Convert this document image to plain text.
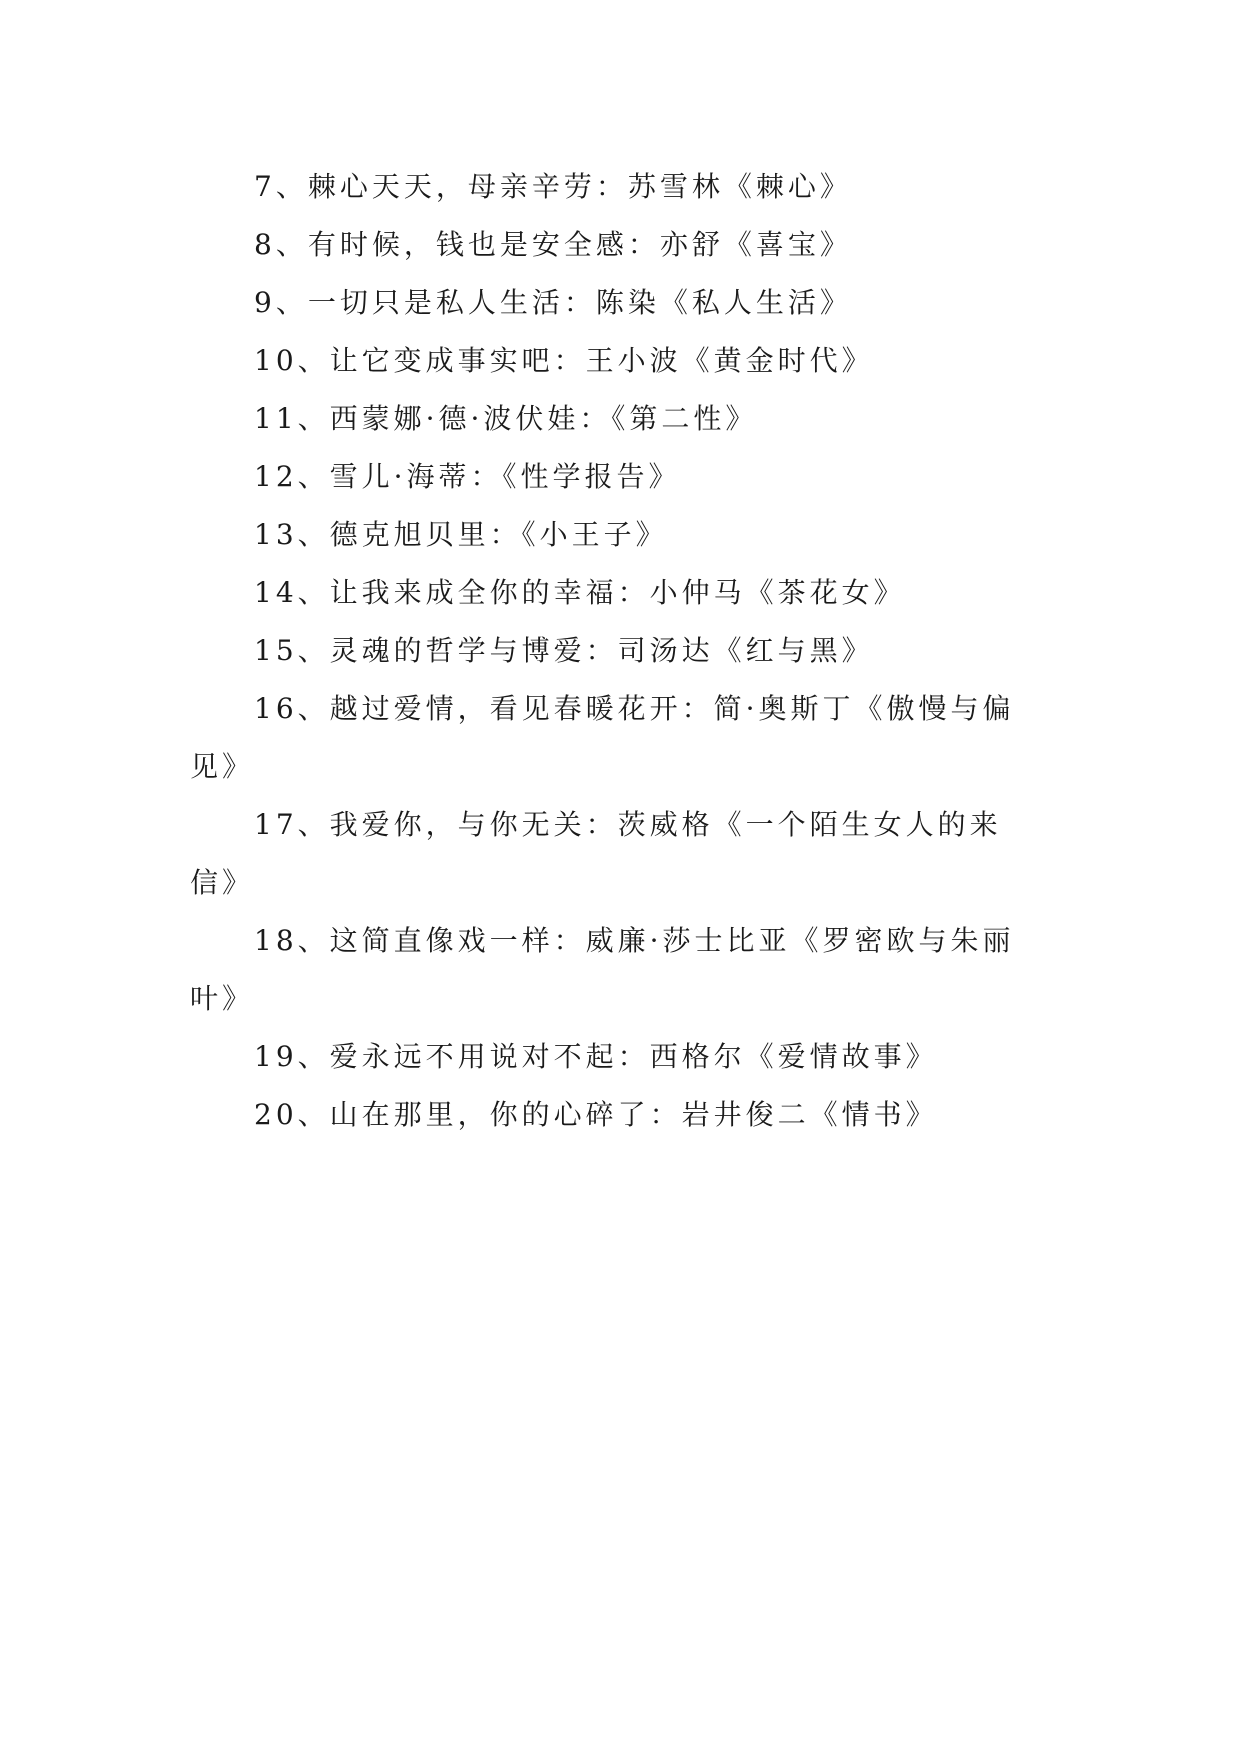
7、棘心天天，母亲辛劳：苏雪林《棘心》

8、有时候，钱也是安全感：亦舒《喜宝》

9、一切只是私人生活：陈染《私人生活》

10、让它变成事实吧：王小波《黄金时代》

11、西蒙娜·德·波伏娃：《第二性》

12、雪儿·海蒂：《性学报告》

13、德克旭贝里：《小王子》

14、让我来成全你的幸福：小仲马《茶花女》

15、灵魂的哲学与博爱：司汤达《红与黑》

16、越过爱情，看见春暖花开：简·奥斯丁《傲慢与偏见》

17、我爱你，与你无关：茨威格《一个陌生女人的来信》

18、这简直像戏一样：威廉·莎士比亚《罗密欧与朱丽叶》

19、爱永远不用说对不起：西格尔《爱情故事》

20、山在那里，你的心碎了：岩井俊二《情书》
